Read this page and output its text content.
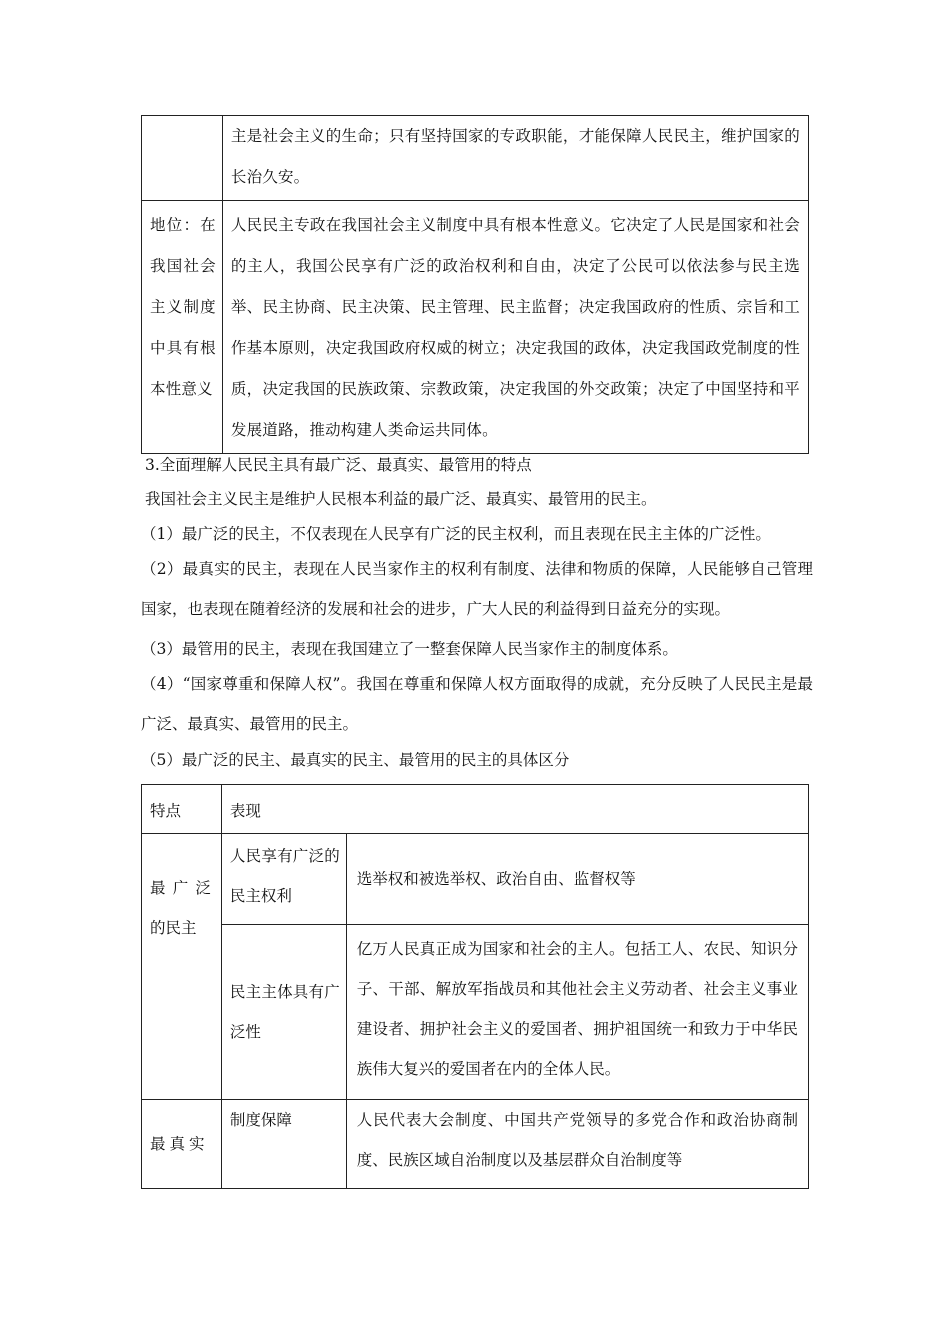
	主是社会主义的生命；只有坚持国家的专政职能，才能保障人民民主，维护国家的长治久安。

地位：在我国社会主义制度中具有根本性意义	人民民主专政在我国社会主义制度中具有根本性意义。它决定了人民是国家和社会的主人，我国公民享有广泛的政治权利和自由，决定了公民可以依法参与民主选举、民主协商、民主决策、民主管理、民主监督；决定我国政府的性质、宗旨和工作基本原则，决定我国政府权威的树立；决定我国的政体，决定我国政党制度的性质，决定我国的民族政策、宗教政策，决定我国的外交政策；决定了中国坚持和平发展道路，推动构建人类命运共同体。
3.全面理解人民民主具有最广泛、最真实、最管用的特点
我国社会主义民主是维护人民根本利益的最广泛、最真实、最管用的民主。
（1）最广泛的民主，不仅表现在人民享有广泛的民主权利，而且表现在民主主体的广泛性。
（2）最真实的民主，表现在人民当家作主的权利有制度、法律和物质的保障，人民能够自己管理国家，也表现在随着经济的发展和社会的进步，广大人民的利益得到日益充分的实现。
（3）最管用的民主，表现在我国建立了一整套保障人民当家作主的制度体系。
（4）“国家尊重和保障人权”。我国在尊重和保障人权方面取得的成就，充分反映了人民民主是最广泛、最真实、最管用的民主。
（5）最广泛的民主、最真实的民主、最管用的民主的具体区分
特点	表现	

最广泛的民主	人民享有广泛的民主权利	选举权和被选举权、政治自由、监督权等

	民主主体具有广泛性	亿万人民真正成为国家和社会的主人。包括工人、农民、知识分子、干部、解放军指战员和其他社会主义劳动者、社会主义事业建设者、拥护社会主义的爱国者、拥护祖国统一和致力于中华民族伟大复兴的爱国者在内的全体人民。

最真实	制度保障	人民代表大会制度、中国共产党领导的多党合作和政治协商制度、民族区域自治制度以及基层群众自治制度等
